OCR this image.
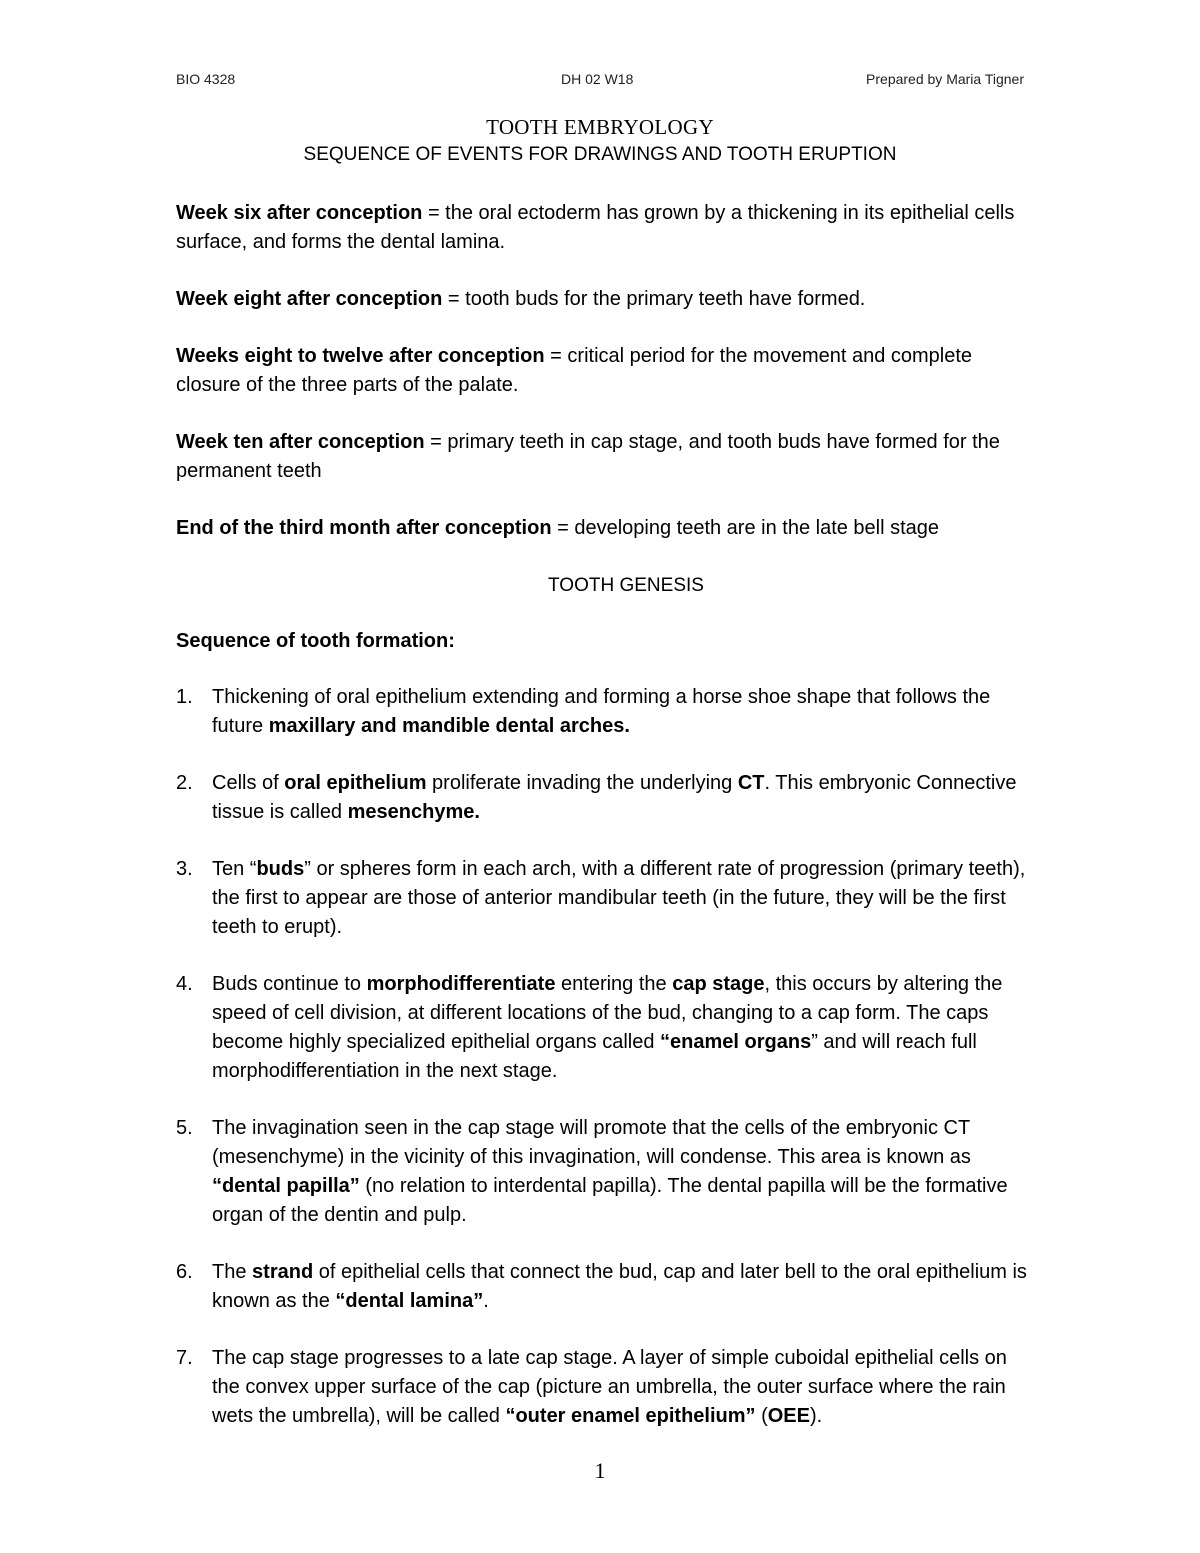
BIO 4328	DH 02 W18	Prepared by Maria Tigner
TOOTH EMBRYOLOGY
SEQUENCE OF EVENTS FOR DRAWINGS AND TOOTH ERUPTION

Week six after conception = the oral ectoderm has grown by a thickening in its epithelial cells surface, and forms the dental lamina.

Week eight after conception = tooth buds for the primary teeth have formed.

Weeks eight to twelve after conception = critical period for the movement and complete closure of the three parts of the palate.

Week ten after conception = primary teeth in cap stage, and tooth buds have formed for the permanent teeth

End of the third month after conception = developing teeth are in the late bell stage

TOOTH GENESIS

Sequence of tooth formation:

1. Thickening of oral epithelium extending and forming a horse shoe shape that follows the future maxillary and mandible dental arches.
2. Cells of oral epithelium proliferate invading the underlying CT. This embryonic Connective tissue is called mesenchyme.
3. Ten “buds” or spheres form in each arch, with a different rate of progression (primary teeth), the first to appear are those of anterior mandibular teeth (in the future, they will be the first teeth to erupt).
4. Buds continue to morphodifferentiate entering the cap stage, this occurs by altering the speed of cell division, at different locations of the bud, changing to a cap form. The caps become highly specialized epithelial organs called “enamel organs” and will reach full morphodifferentiation in the next stage.
5. The invagination seen in the cap stage will promote that the cells of the embryonic CT (mesenchyme) in the vicinity of this invagination, will condense. This area is known as “dental papilla” (no relation to interdental papilla). The dental papilla will be the formative organ of the dentin and pulp.
6. The strand of epithelial cells that connect the bud, cap and later bell to the oral epithelium is known as the “dental lamina”.
7. The cap stage progresses to a late cap stage. A layer of simple cuboidal epithelial cells on the convex upper surface of the cap (picture an umbrella, the outer surface where the rain wets the umbrella), will be called “outer enamel epithelium” (OEE).
1
